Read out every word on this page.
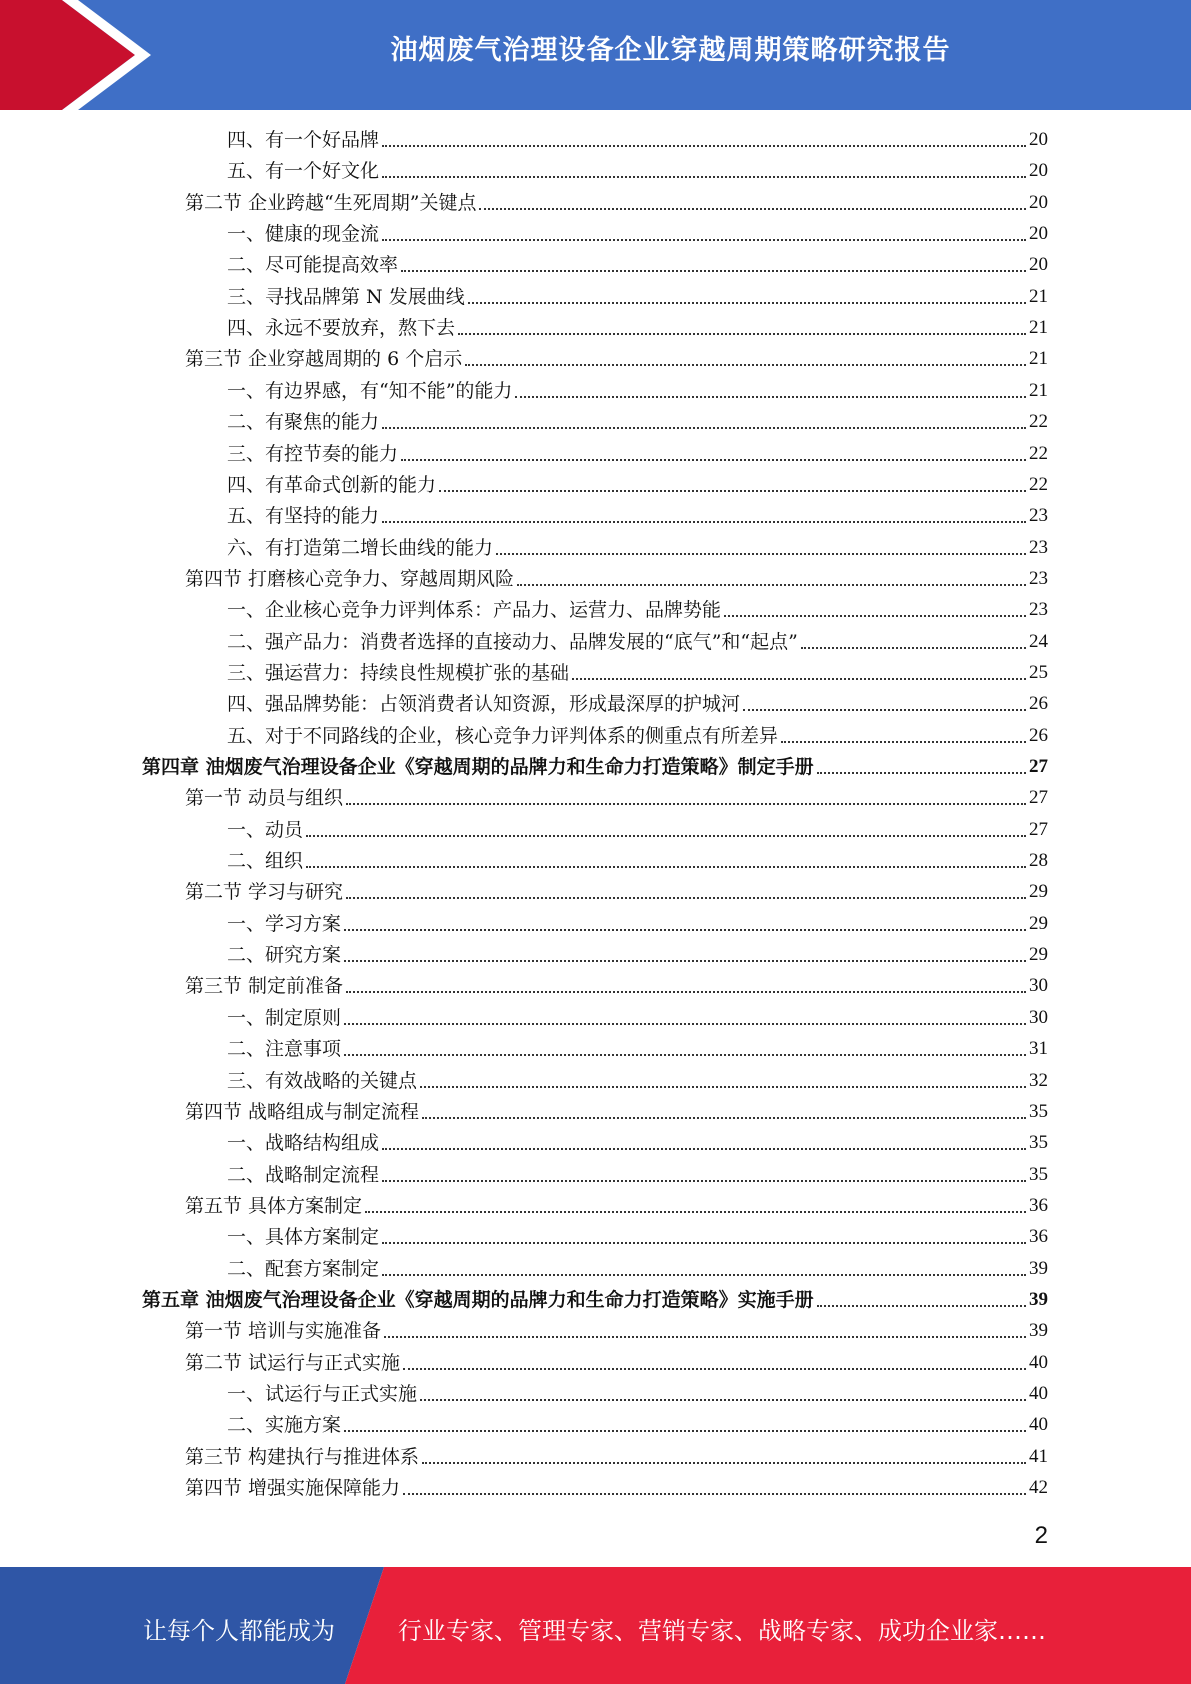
油烟废气治理设备企业穿越周期策略研究报告
四、有一个好品牌	20
五、有一个好文化	20
第二节 企业跨越“生死周期”关键点	20
一、健康的现金流	20
二、尽可能提高效率	20
三、寻找品牌第 N 发展曲线	21
四、永远不要放弃，熬下去	21
第三节 企业穿越周期的 6 个启示	21
一、有边界感，有“知不能”的能力	21
二、有聚焦的能力	22
三、有控节奏的能力	22
四、有革命式创新的能力	22
五、有坚持的能力	23
六、有打造第二增长曲线的能力	23
第四节 打磨核心竞争力、穿越周期风险	23
一、企业核心竞争力评判体系：产品力、运营力、品牌势能	23
二、强产品力：消费者选择的直接动力、品牌发展的“底气”和“起点”	24
三、强运营力：持续良性规模扩张的基础	25
四、强品牌势能：占领消费者认知资源，形成最深厚的护城河	26
五、对于不同路线的企业，核心竞争力评判体系的侧重点有所差异	26
第四章 油烟废气治理设备企业《穿越周期的品牌力和生命力打造策略》制定手册	27
第一节 动员与组织	27
一、动员	27
二、组织	28
第二节 学习与研究	29
一、学习方案	29
二、研究方案	29
第三节 制定前准备	30
一、制定原则	30
二、注意事项	31
三、有效战略的关键点	32
第四节 战略组成与制定流程	35
一、战略结构组成	35
二、战略制定流程	35
第五节 具体方案制定	36
一、具体方案制定	36
二、配套方案制定	39
第五章 油烟废气治理设备企业《穿越周期的品牌力和生命力打造策略》实施手册	39
第一节 培训与实施准备	39
第二节 试运行与正式实施	40
一、试运行与正式实施	40
二、实施方案	40
第三节 构建执行与推进体系	41
第四节 增强实施保障能力	42
2
让每个人都能成为	行业专家、管理专家、营销专家、战略专家、成功企业家……
